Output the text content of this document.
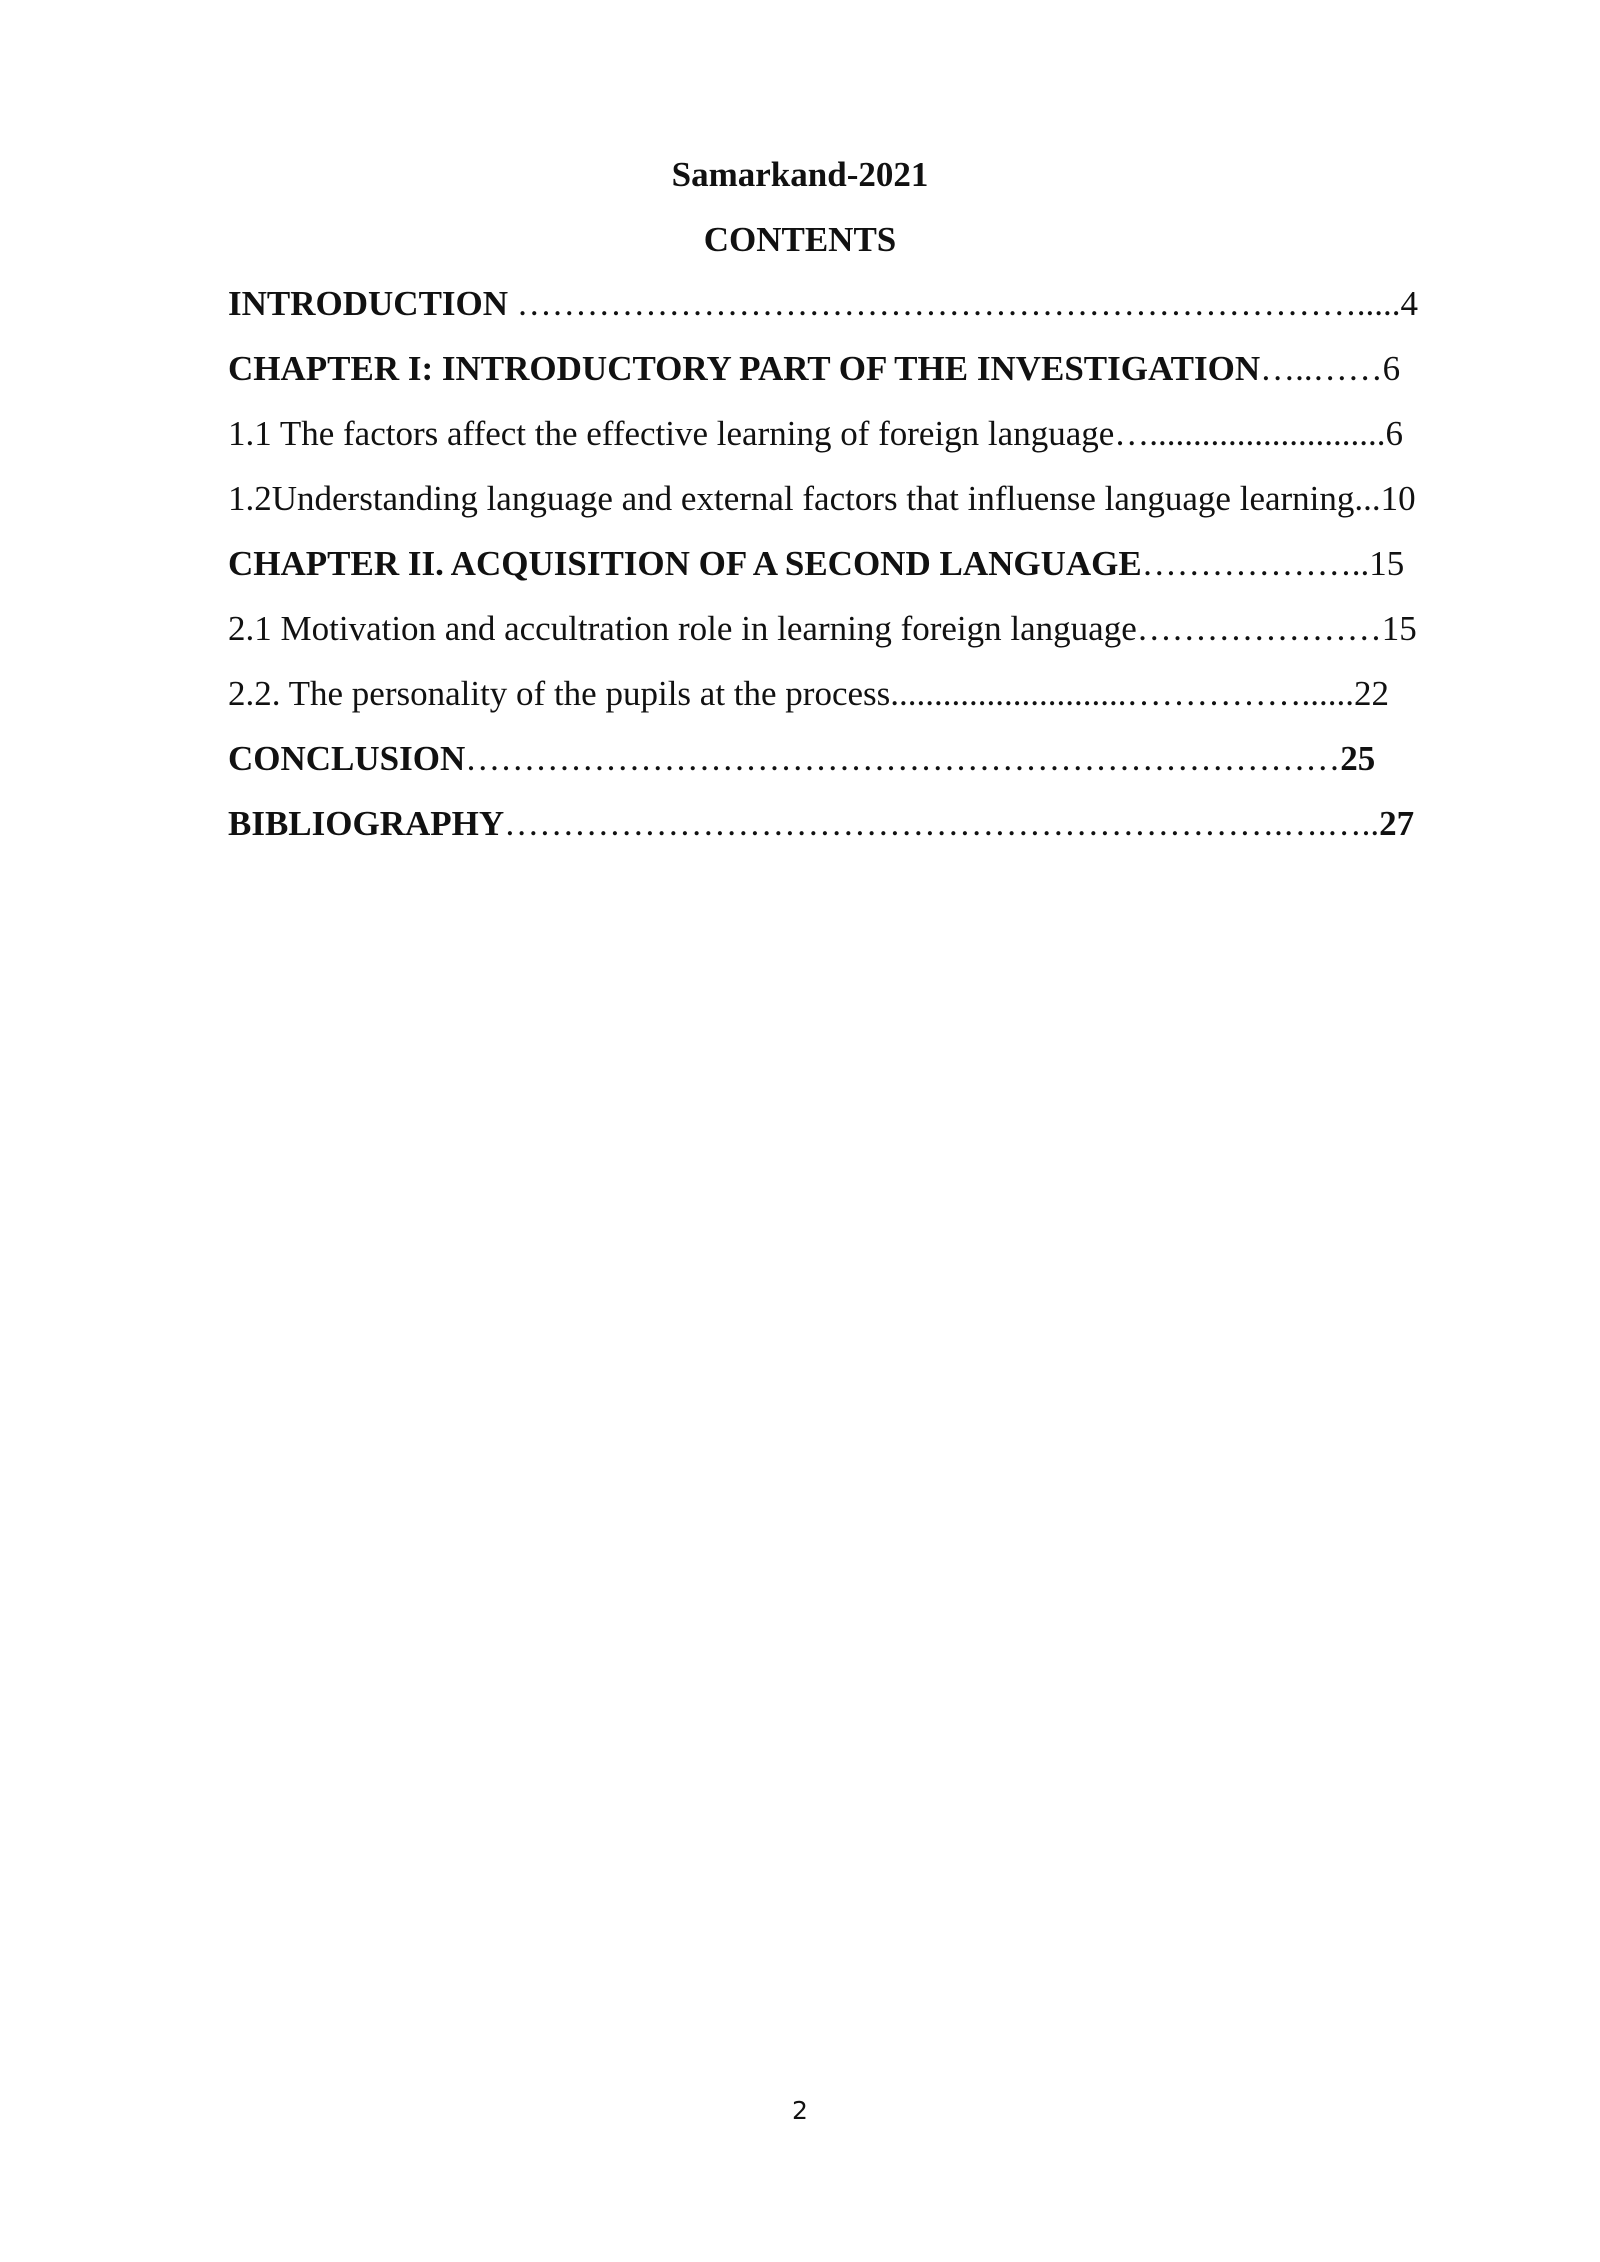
Samarkand-2021

CONTENTS

INTRODUCTION ……………………………………………………………….....4
CHAPTER I: INTRODUCTORY PART OF THE INVESTIGATION…..……6
1.1 The factors affect the effective learning of foreign language…...........................6
1.2Understanding language and external factors that influense language learning...10
CHAPTER II. ACQUISITION OF A SECOND LANGUAGE………………..15
2.1 Motivation and accultration role in learning foreign language…………………15
2.2. The personality of the pupils at the process...........................……………......22
CONCLUSION…………………………………………………………………25
BIBLIOGRAPHY………………………………………………………….….…..27

2
